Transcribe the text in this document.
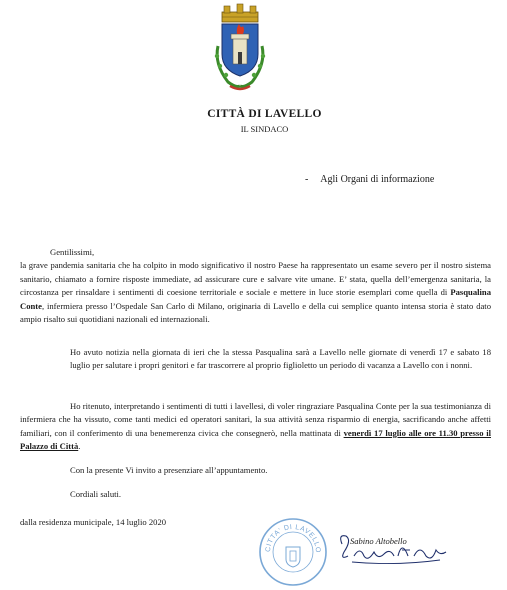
CITTÀ DI LAVELLO
IL SINDACO
- Agli Organi di informazione
Gentilissimi,
la grave pandemia sanitaria che ha colpito in modo significativo il nostro Paese ha rappresentato un esame severo per il nostro sistema sanitario, chiamato a fornire risposte immediate, ad assicurare cure e salvare vite umane. E’ stata, quella dell’emergenza sanitaria, la circostanza per rinsaldare i sentimenti di coesione territoriale e sociale e mettere in luce storie esemplari come quella di Pasqualina Conte, infermiera presso l’Ospedale San Carlo di Milano, originaria di Lavello e della cui semplice quanto intensa storia è stato dato ampio risalto sui quotidiani nazionali ed internazionali.
Ho avuto notizia nella giornata di ieri che la stessa Pasqualina sarà a Lavello nelle giornate di venerdì 17 e sabato 18 luglio per salutare i propri genitori e far trascorrere al proprio figlioletto un periodo di vacanza a Lavello con i nonni.
Ho ritenuto, interpretando i sentimenti di tutti i lavellesi, di voler ringraziare Pasqualina Conte per la sua testimonianza di infermiera che ha vissuto, come tanti medici ed operatori sanitari, la sua attività senza risparmio di energia, sacrificando anche affetti familiari, con il conferimento di una benemerenza civica che consegnerò, nella mattinata di venerdì 17 luglio alle ore 11.30 presso il Palazzo di Città.
Con la presente Vi invito a presenziare all’appuntamento.
Cordiali saluti.
dalla residenza municipale, 14 luglio 2020
CITTA' DI LAVELLO
Sabino Altobello
